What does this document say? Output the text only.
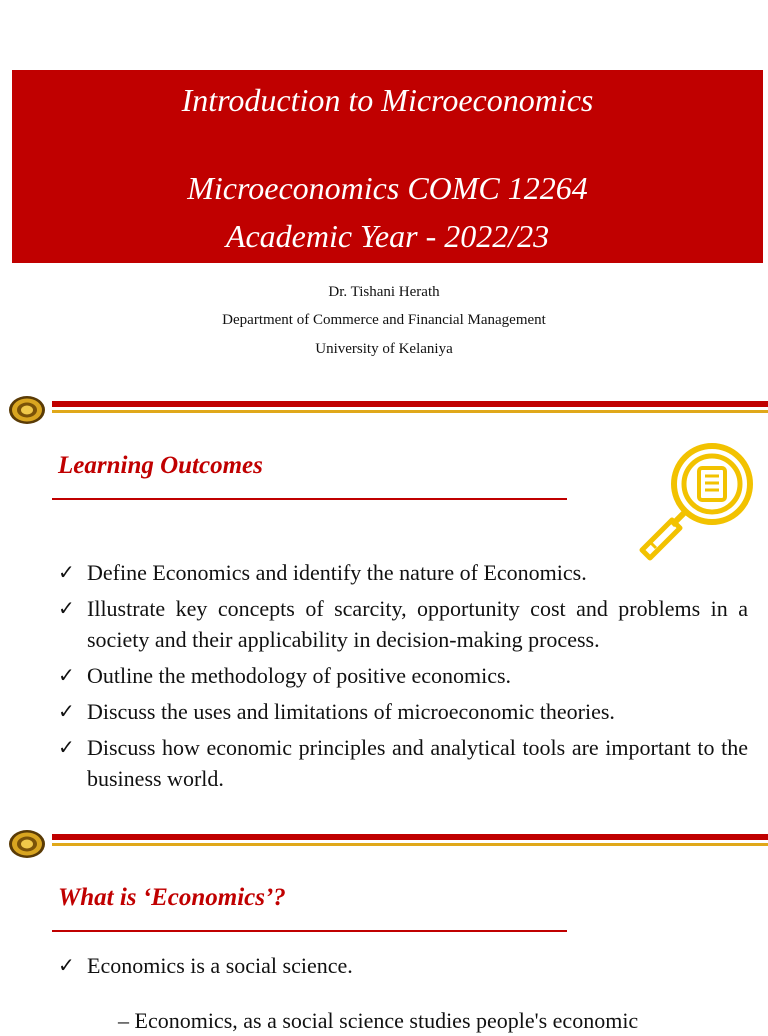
Introduction to Microeconomics
Microeconomics COMC 12264
Academic Year - 2022/23
Dr. Tishani Herath
Department of Commerce and Financial Management
University of Kelaniya
Learning Outcomes
✓ Define Economics and identify the nature of Economics.
✓ Illustrate key concepts of scarcity, opportunity cost and problems in a society and their applicability in decision-making process.
✓ Outline the methodology of positive economics.
✓ Discuss the uses and limitations of microeconomic theories.
✓ Discuss how economic principles and analytical tools are important to the business world.
What is ‘Economics’?
✓ Economics is a social science.
– Economics, as a social science studies people's economic
